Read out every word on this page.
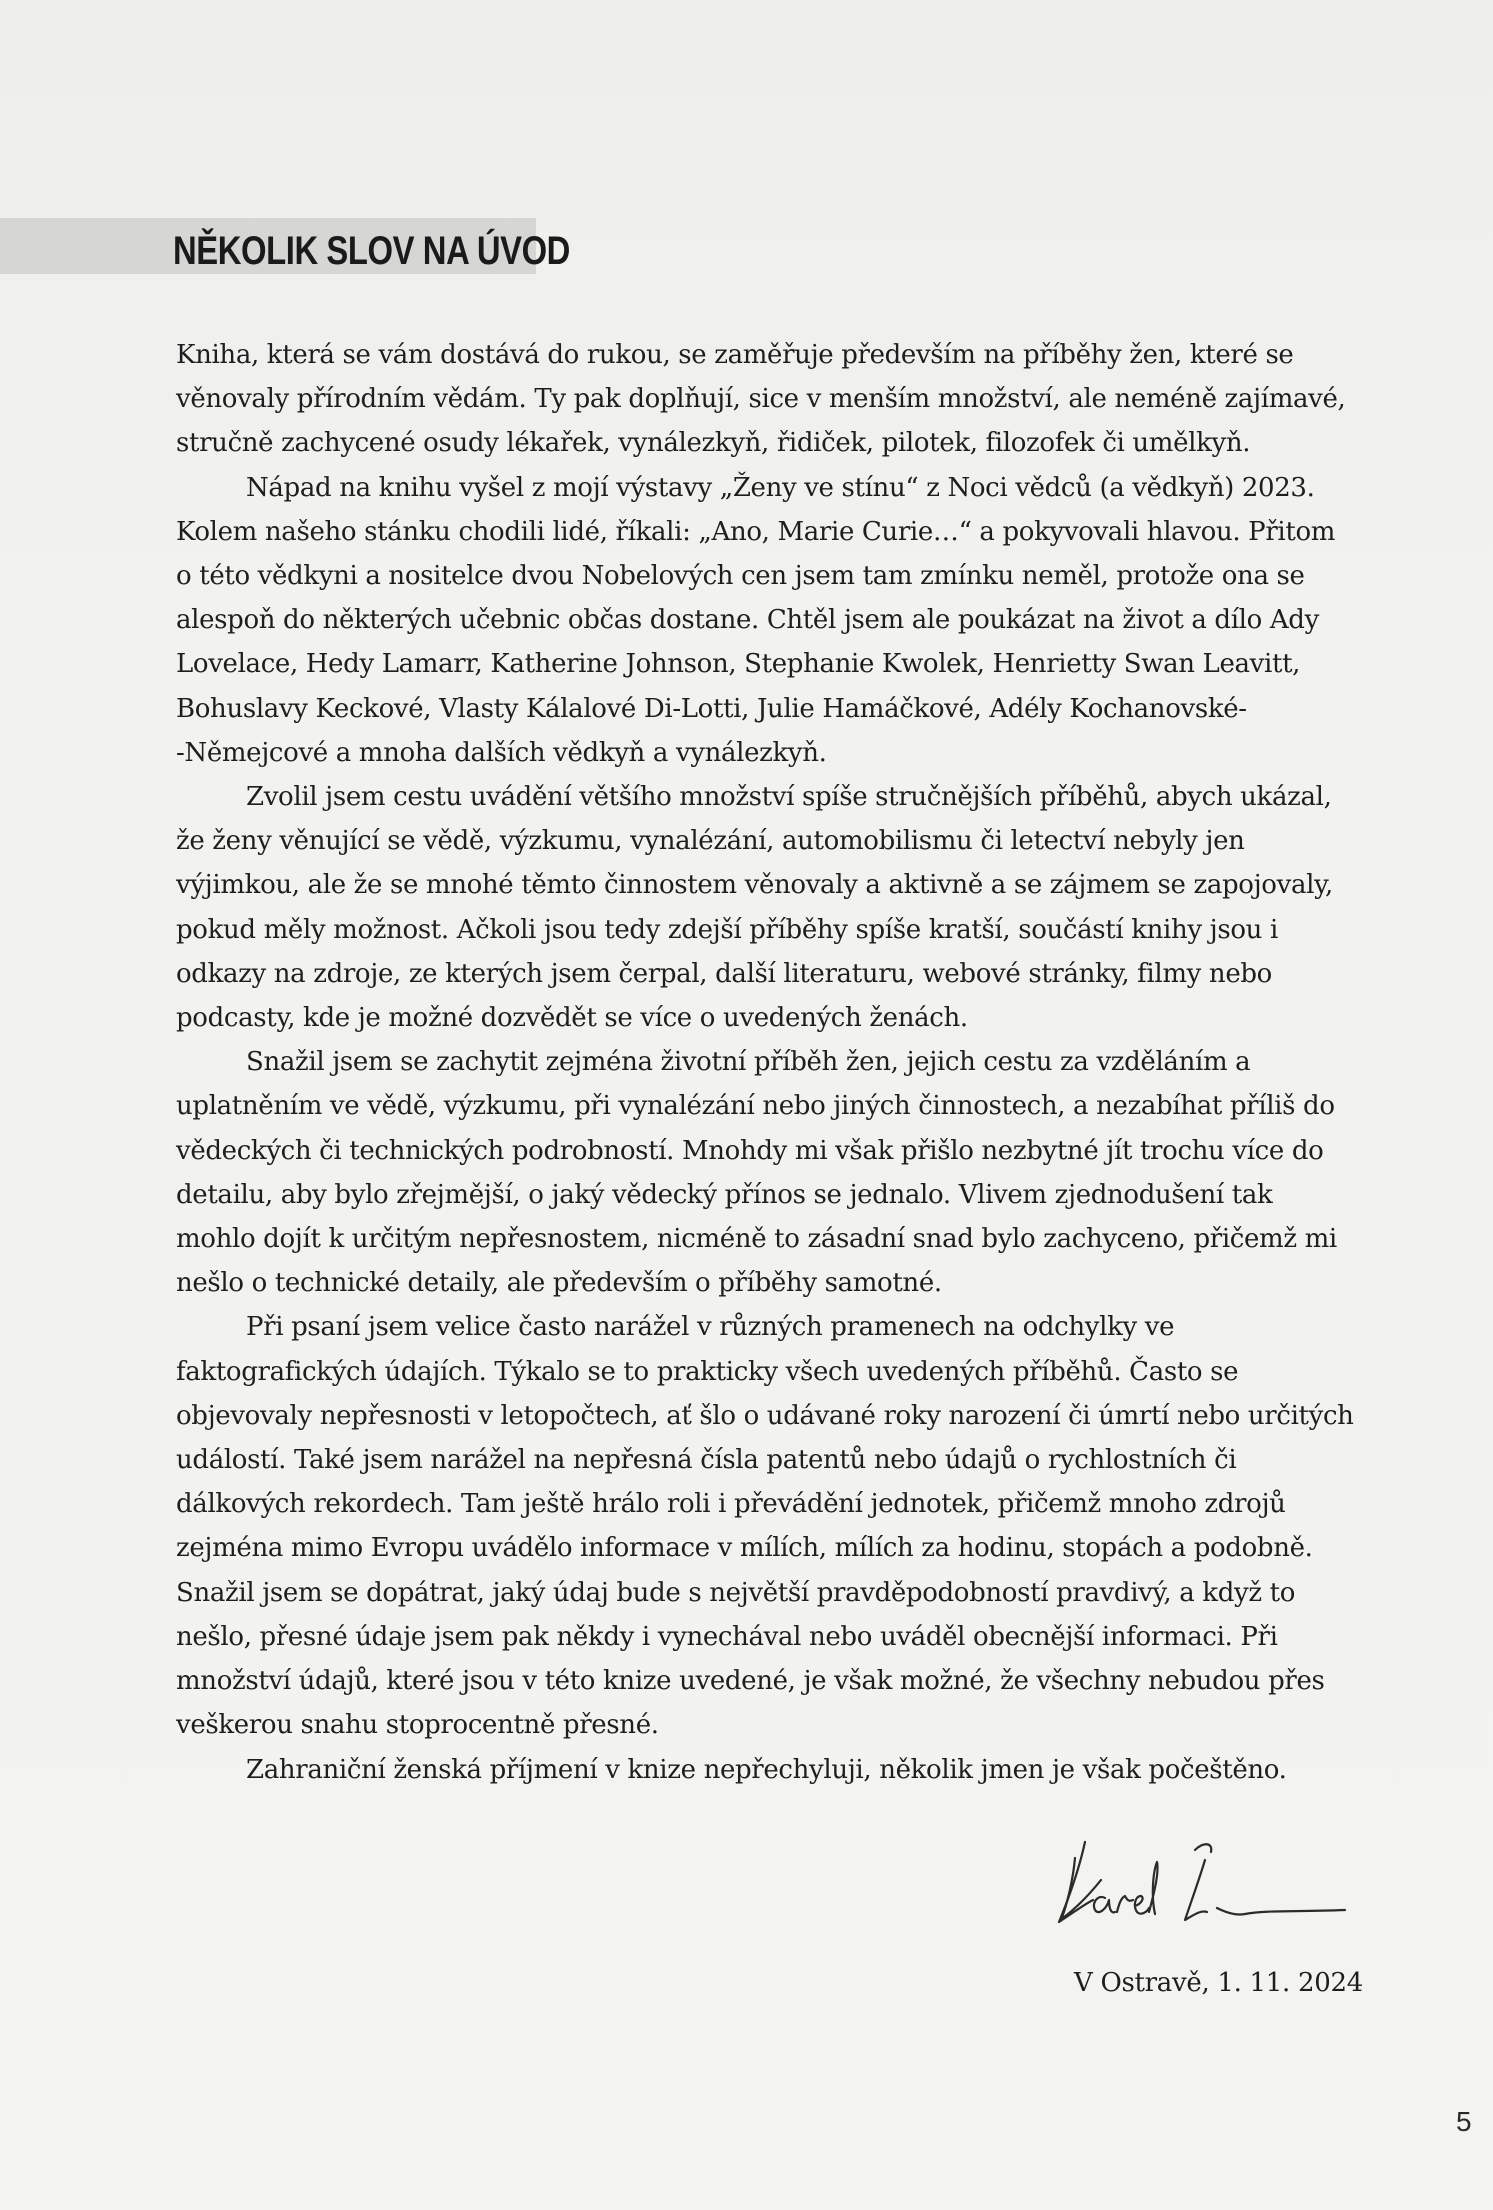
NĚKOLIK SLOV NA ÚVOD

Kniha, která se vám dostává do rukou, se zaměřuje především na příběhy žen, které se věnovaly přírodním vědám. Ty pak doplňují, sice v menším množství, ale neméně zajímavé, stručně zachycené osudy lékařek, vynálezkyň, řidiček, pilotek, filozofek či umělkyň.

Nápad na knihu vyšel z mojí výstavy „Ženy ve stínu“ z Noci vědců (a vědkyň) 2023. Kolem našeho stánku chodili lidé, říkali: „Ano, Marie Curie…“ a pokyvovali hlavou. Přitom o této vědkyni a nositelce dvou Nobelových cen jsem tam zmínku neměl, protože ona se alespoň do některých učebnic občas dostane. Chtěl jsem ale poukázat na život a dílo Ady Lovelace, Hedy Lamarr, Katherine Johnson, Stephanie Kwolek, Henrietty Swan Leavitt, Bohuslavy Keckové, Vlasty Kálalové Di-Lotti, Julie Hamáčkové, Adély Kochanovské-‑Němejcové a mnoha dalších vědkyň a vynálezkyň.

Zvolil jsem cestu uvádění většího množství spíše stručnějších příběhů, abych ukázal, že ženy věnující se vědě, výzkumu, vynalézání, automobilismu či letectví nebyly jen výjimkou, ale že se mnohé těmto činnostem věnovaly a aktivně a se zájmem se zapojovaly, pokud měly možnost. Ačkoli jsou tedy zdejší příběhy spíše kratší, součástí knihy jsou i odkazy na zdroje, ze kterých jsem čerpal, další literaturu, webové stránky, filmy nebo podcasty, kde je možné dozvědět se více o uvedených ženách.

Snažil jsem se zachytit zejména životní příběh žen, jejich cestu za vzděláním a uplatněním ve vědě, výzkumu, při vynalézání nebo jiných činnostech, a nezabíhat příliš do vědeckých či technických podrobností. Mnohdy mi však přišlo nezbytné jít trochu více do detailu, aby bylo zřejmější, o jaký vědecký přínos se jednalo. Vlivem zjednodušení tak mohlo dojít k určitým nepřesnostem, nicméně to zásadní snad bylo zachyceno, přičemž mi nešlo o technické detaily, ale především o příběhy samotné.

Při psaní jsem velice často narážel v různých pramenech na odchylky ve faktografických údajích. Týkalo se to prakticky všech uvedených příběhů. Často se objevovaly nepřesnosti v letopočtech, ať šlo o udávané roky narození či úmrtí nebo určitých událostí. Také jsem narážel na nepřesná čísla patentů nebo údajů o rychlostních či dálkových rekordech. Tam ještě hrálo roli i převádění jednotek, přičemž mnoho zdrojů zejména mimo Evropu uvádělo informace v mílích, mílích za hodinu, stopách a podobně. Snažil jsem se dopátrat, jaký údaj bude s největší pravděpodobností pravdivý, a když to nešlo, přesné údaje jsem pak někdy i vynechával nebo uváděl obecnější informaci. Při množství údajů, které jsou v této knize uvedené, je však možné, že všechny nebudou přes veškerou snahu stoprocentně přesné.

Zahraniční ženská příjmení v knize nepřechyluji, několik jmen je však počeštěno.

V Ostravě, 1. 11. 2024
5
